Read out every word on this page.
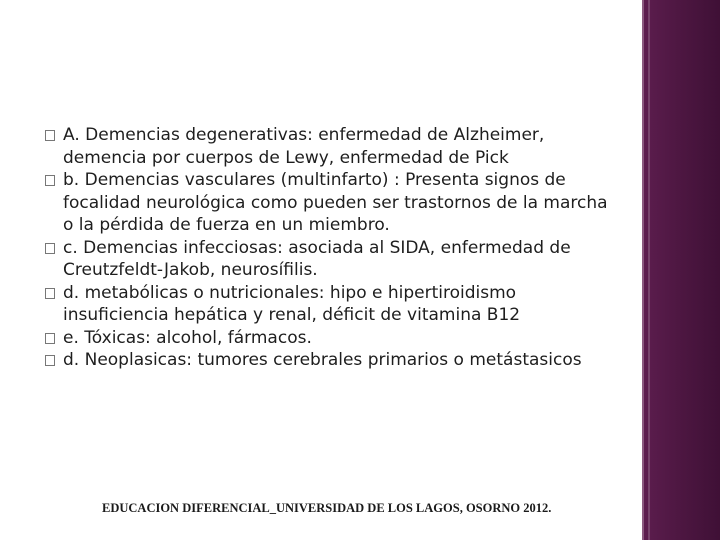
A. Demencias degenerativas: enfermedad de Alzheimer, demencia por cuerpos de Lewy, enfermedad de Pick
b. Demencias vasculares (multinfarto) : Presenta signos de focalidad neurológica como pueden ser trastornos de la marcha o la pérdida de fuerza en un miembro.
c. Demencias infecciosas: asociada al SIDA, enfermedad de Creutzfeldt-Jakob, neurosífilis.
d. metabólicas o nutricionales: hipo e hipertiroidismo insuficiencia hepática y renal, déficit de vitamina B12
e. Tóxicas: alcohol, fármacos.
d. Neoplasicas: tumores cerebrales primarios o metástasicos
EDUCACION DIFERENCIAL_UNIVERSIDAD DE LOS LAGOS, OSORNO 2012.
